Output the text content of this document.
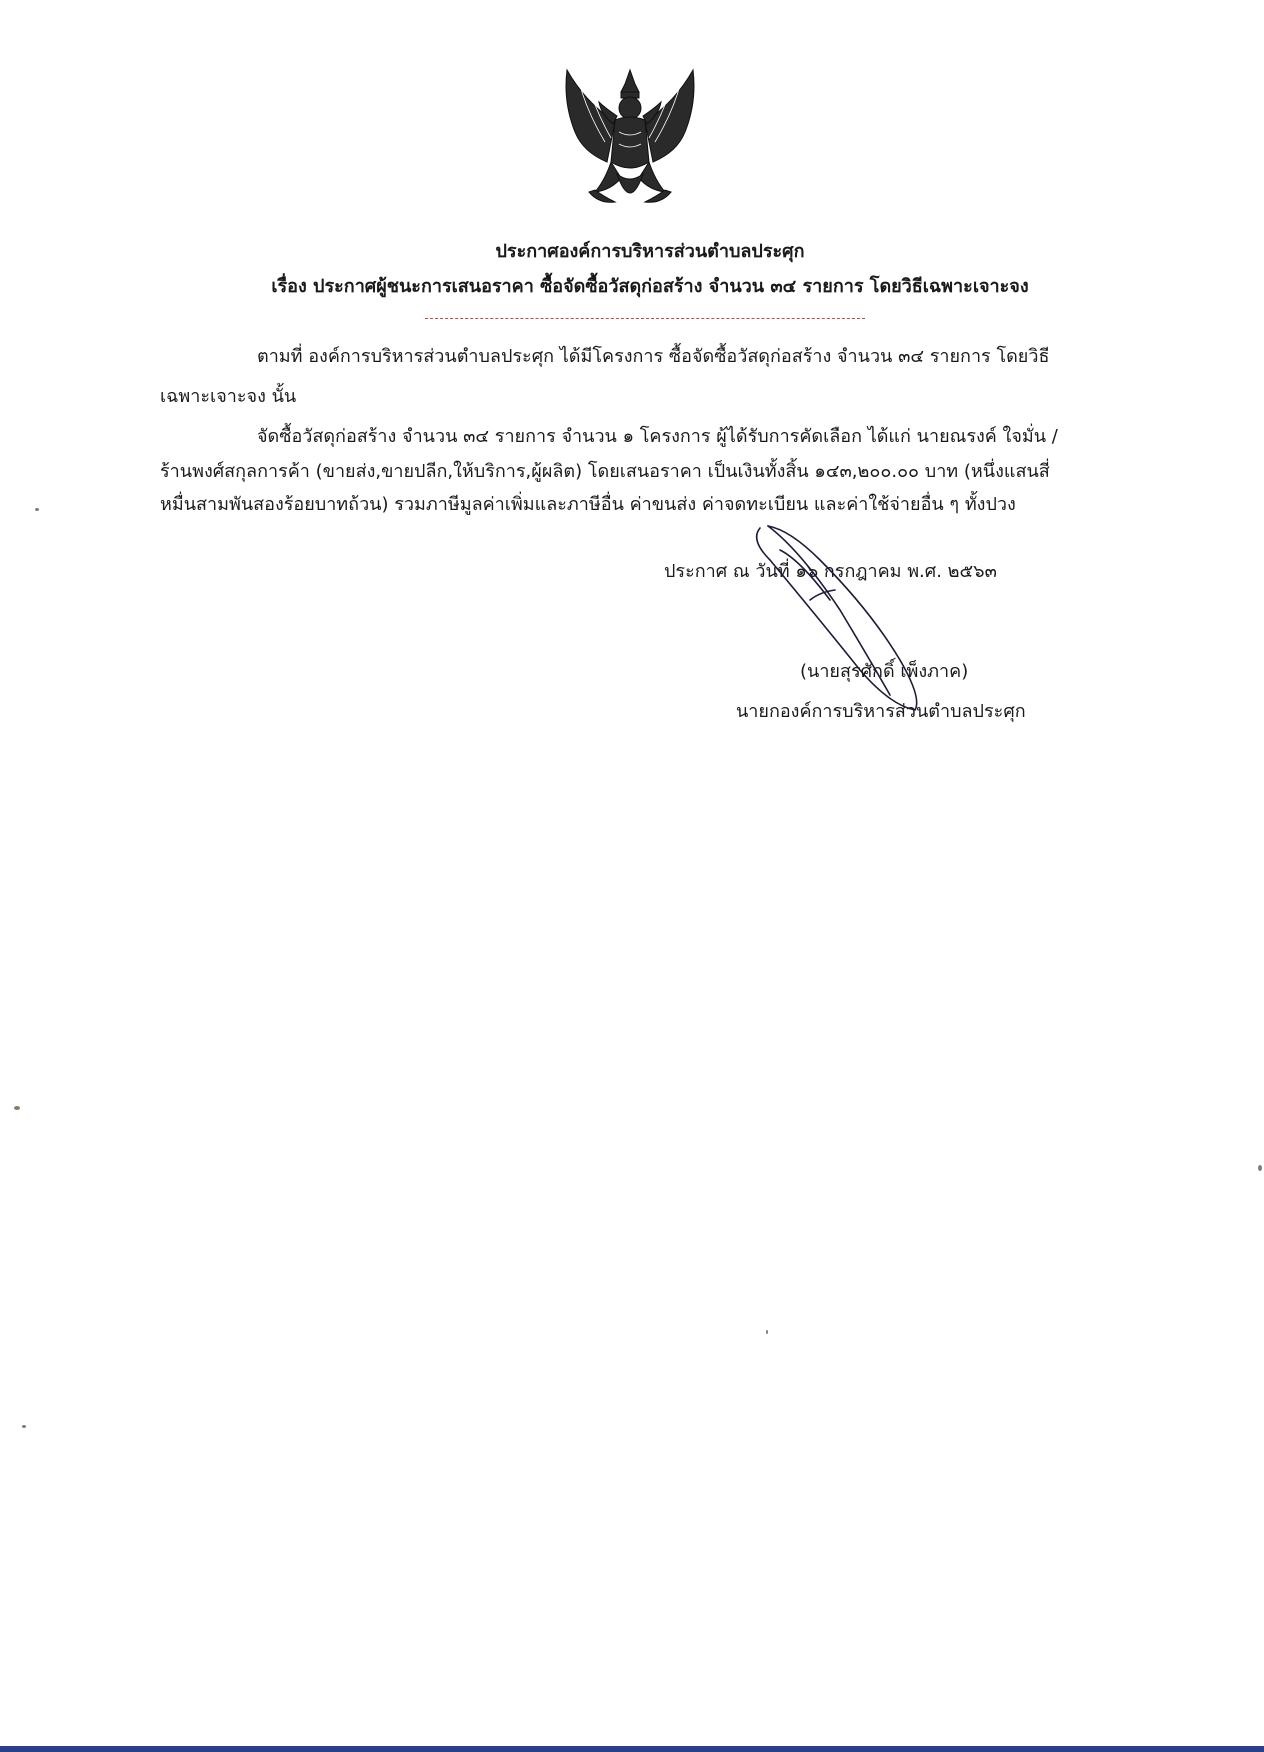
ประกาศองค์การบริหารส่วนตำบลประศุก
เรื่อง ประกาศผู้ชนะการเสนอราคา ซื้อจัดซื้อวัสดุก่อสร้าง จำนวน ๓๔ รายการ โดยวิธีเฉพาะเจาะจง
ตามที่ องค์การบริหารส่วนตำบลประศุก ได้มีโครงการ ซื้อจัดซื้อวัสดุก่อสร้าง จำนวน ๓๔ รายการ โดยวิธี
เฉพาะเจาะจง นั้น
จัดซื้อวัสดุก่อสร้าง จำนวน ๓๔ รายการ จำนวน ๑ โครงการ ผู้ได้รับการคัดเลือก ได้แก่ นายณรงค์ ใจมั่น /
ร้านพงศ์สกุลการค้า (ขายส่ง,ขายปลีก,ให้บริการ,ผู้ผลิต) โดยเสนอราคา เป็นเงินทั้งสิ้น ๑๔๓,๒๐๐.๐๐ บาท (หนึ่งแสนสี่
หมื่นสามพันสองร้อยบาทถ้วน) รวมภาษีมูลค่าเพิ่มและภาษีอื่น ค่าขนส่ง ค่าจดทะเบียน และค่าใช้จ่ายอื่น ๆ ทั้งปวง
ประกาศ ณ วันที่ ๑๖ กรกฎาคม พ.ศ. ๒๕๖๓
(นายสุรศักดิ์ เพ็งภาค)
นายกองค์การบริหารส่วนตำบลประศุก
